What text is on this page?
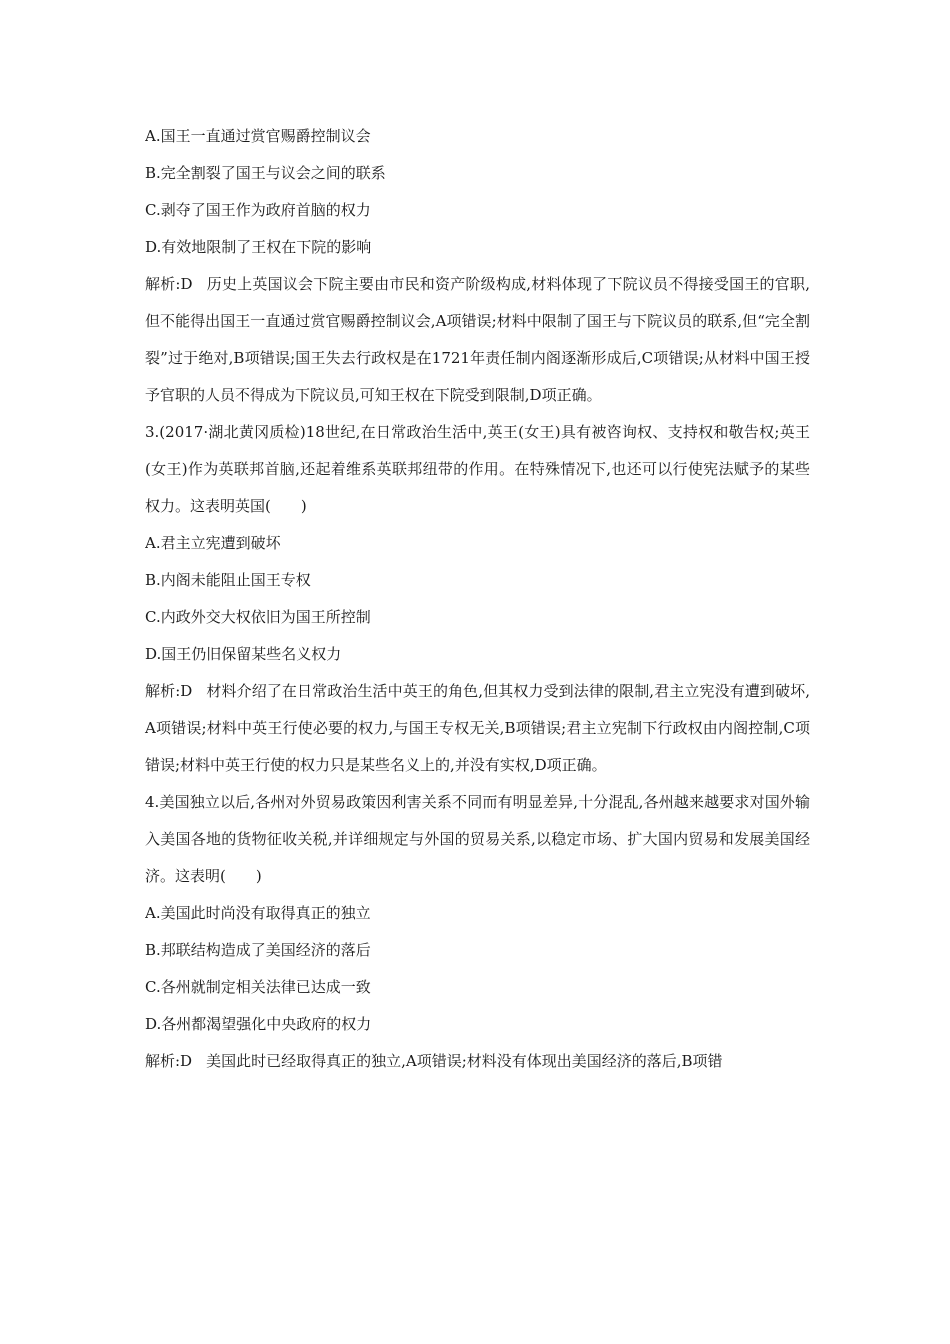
A.国王一直通过赏官赐爵控制议会
B.完全割裂了国王与议会之间的联系
C.剥夺了国王作为政府首脑的权力
D.有效地限制了王权在下院的影响
解析:D 历史上英国议会下院主要由市民和资产阶级构成,材料体现了下院议员不得接受国王的官职,但不能得出国王一直通过赏官赐爵控制议会,A项错误;材料中限制了国王与下院议员的联系,但“完全割裂”过于绝对,B项错误;国王失去行政权是在1721年责任制内阁逐渐形成后,C项错误;从材料中国王授予官职的人员不得成为下院议员,可知王权在下院受到限制,D项正确。
3.(2017·湖北黄冈质检)18世纪,在日常政治生活中,英王(女王)具有被咨询权、支持权和敬告权;英王(女王)作为英联邦首脑,还起着维系英联邦纽带的作用。在特殊情况下,也还可以行使宪法赋予的某些权力。这表明英国(　　)
A.君主立宪遭到破坏
B.内阁未能阻止国王专权
C.内政外交大权依旧为国王所控制
D.国王仍旧保留某些名义权力
解析:D 材料介绍了在日常政治生活中英王的角色,但其权力受到法律的限制,君主立宪没有遭到破坏,A项错误;材料中英王行使必要的权力,与国王专权无关,B项错误;君主立宪制下行政权由内阁控制,C项错误;材料中英王行使的权力只是某些名义上的,并没有实权,D项正确。
4.美国独立以后,各州对外贸易政策因利害关系不同而有明显差异,十分混乱,各州越来越要求对国外输入美国各地的货物征收关税,并详细规定与外国的贸易关系,以稳定市场、扩大国内贸易和发展美国经济。这表明(　　)
A.美国此时尚没有取得真正的独立
B.邦联结构造成了美国经济的落后
C.各州就制定相关法律已达成一致
D.各州都渴望强化中央政府的权力
解析:D 美国此时已经取得真正的独立,A项错误;材料没有体现出美国经济的落后,B项错
